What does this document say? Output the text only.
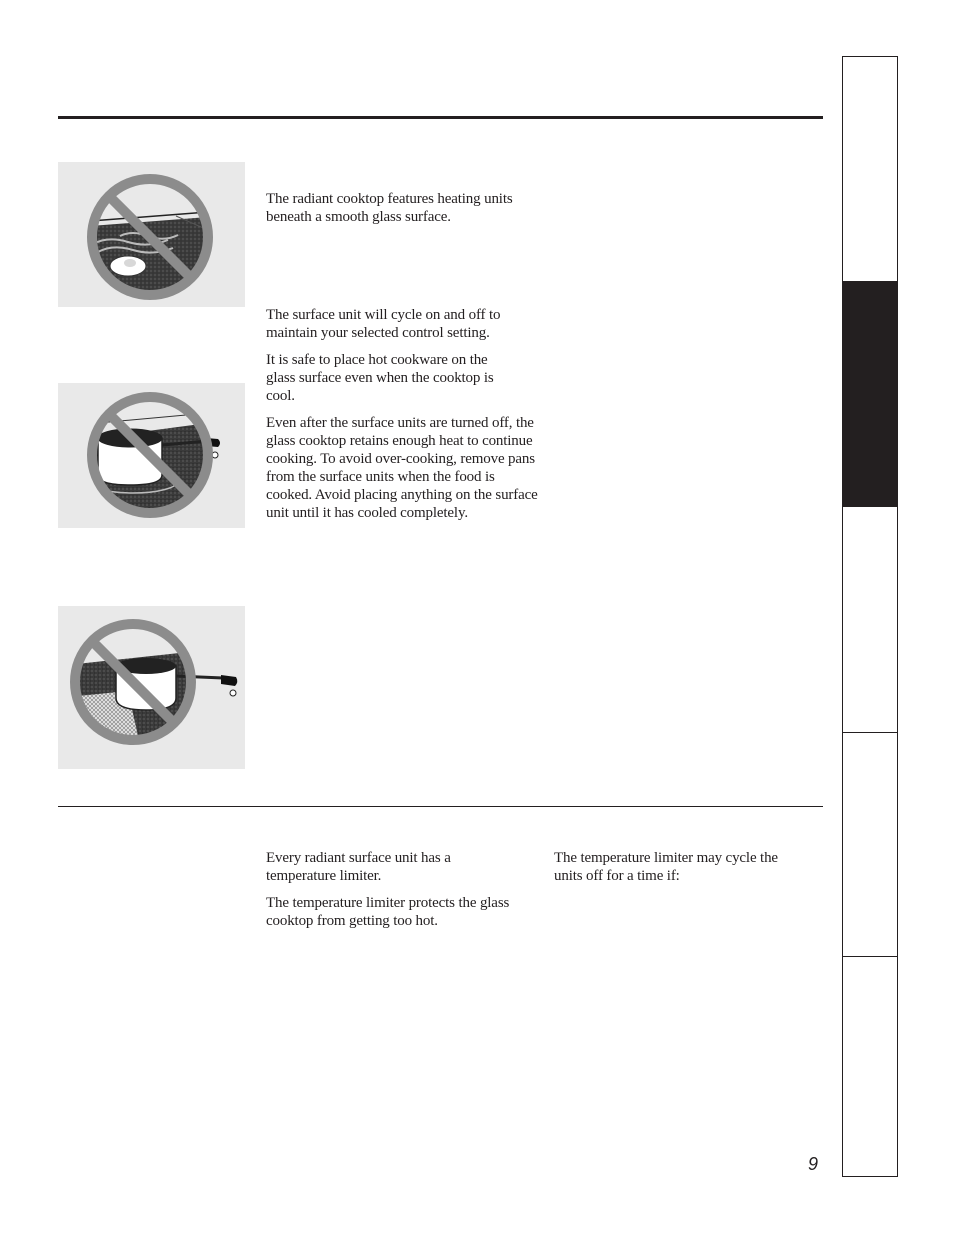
The radiant cooktop features heating units beneath a smooth glass surface.

The surface unit will cycle on and off to maintain your selected control setting.

It is safe to place hot cookware on the glass surface even when the cooktop is cool.

Even after the surface units are turned off, the glass cooktop retains enough heat to continue cooking. To avoid over-cooking, remove pans from the surface units when the food is cooked. Avoid placing anything on the surface unit until it has cooled completely.

Every radiant surface unit has a temperature limiter.

The temperature limiter protects the glass cooktop from getting too hot.

The temperature limiter may cycle the units off for a time if:

9
